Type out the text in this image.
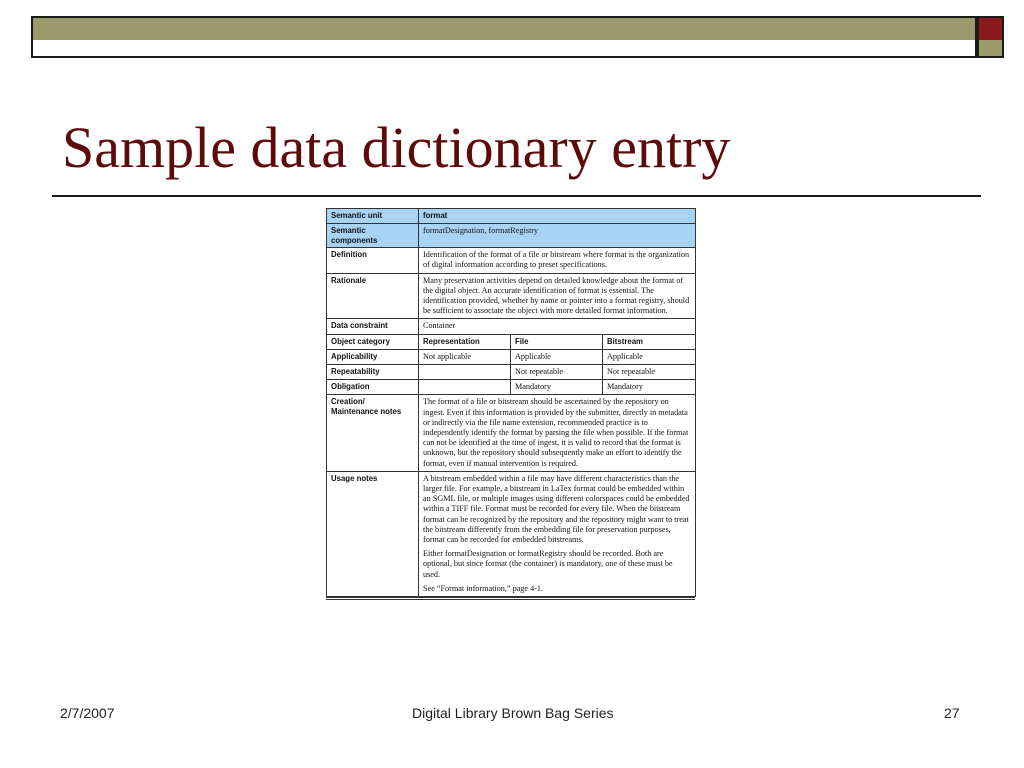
Sample data dictionary entry
Semantic unit	format		
Semantic components	formatDesignation, formatRegistry		
Definition	Identification of the format of a file or bitstream where format is the organization of digital information according to preset specifications.		
Rationale	Many preservation activities depend on detailed knowledge about the format of the digital object. An accurate identification of format is essential. The identification provided, whether by name or pointer into a format registry, should be sufficient to associate the object with more detailed format information.		
Data constraint	Container		
Object category	Representation	File	Bitstream
Applicability	Not applicable	Applicable	Applicable
Repeatability		Not repeatable	Not repeatable
Obligation		Mandatory	Mandatory
Creation/ Maintenance notes	The format of a file or bitstream should be ascertained by the repository on ingest. Even if this information is provided by the submitter, directly in metadata or indirectly via the file name extension, recommended practice is to independently identify the format by parsing the file when possible. If the format can not be identified at the time of ingest, it is valid to record that the format is unknown, but the repository should subsequently make an effort to identify the format, even if manual intervention is required.		
Usage notes	A bitstream embedded within a file may have different characteristics than the larger file. For example, a bitstream in LaTex format could be embedded within an SGML file, or multiple images using different colorspaces could be embedded within a TIFF file. Format must be recorded for every file. When the bitstream format can be recognized by the repository and the repository might want to treat the bitstream differently from the embedding file for preservation purposes, format can be recorded for embedded bitstreams.

Either formatDesignation or formatRegistry should be recorded. Both are optional, but since format (the container) is mandatory, one of these must be used.

See “Format information,” page 4-1.		

2/7/2007	Digital Library Brown Bag Series	27
